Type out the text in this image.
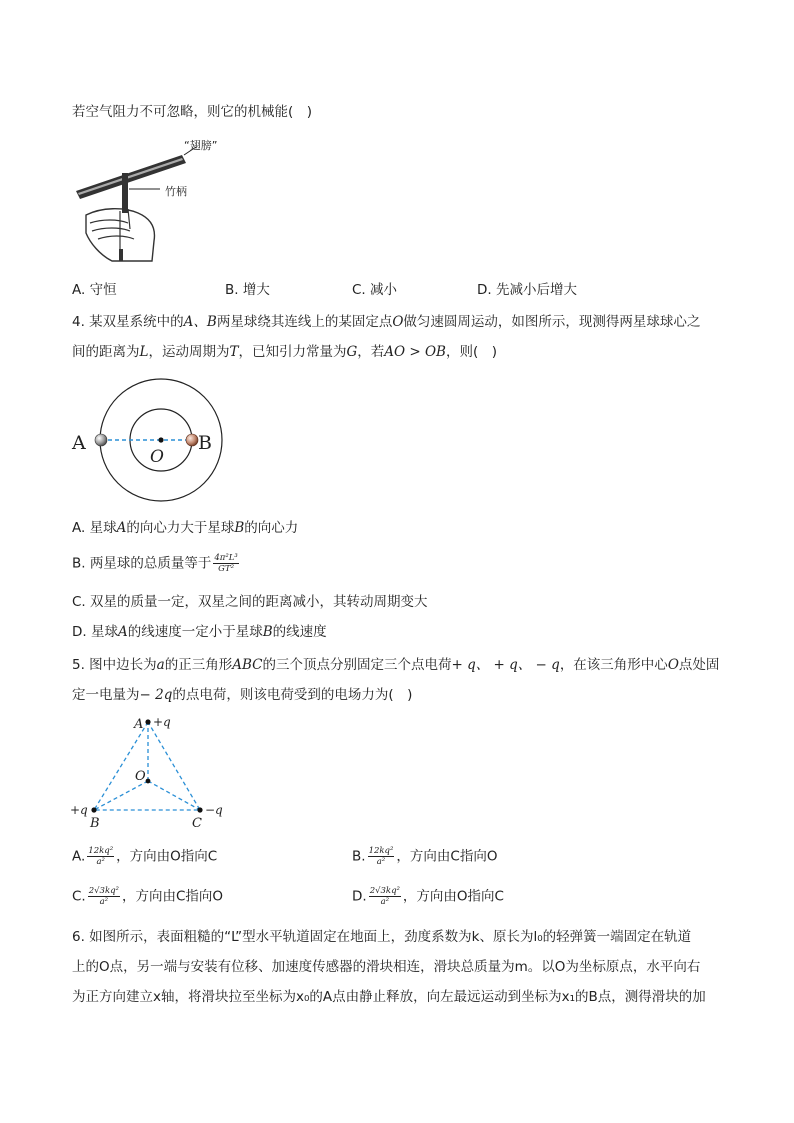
若空气阻力不可忽略，则它的机械能(　)
“翅膀”
竹柄
A. 守恒	B. 增大	C. 减小	D. 先减小后增大
4. 某双星系统中的A、B两星球绕其连线上的某固定点O做匀速圆周运动，如图所示，现测得两星球球心之
间的距离为L，运动周期为T，已知引力常量为G，若AO > OB，则(　)
A	B
O
A. 星球A的向心力大于星球B的向心力
B. 两星球的总质量等于 $\frac{\text{4π²L³}}{\text{GT²}}$
C. 双星的质量一定，双星之间的距离减小，其转动周期变大
D. 星球A的线速度一定小于星球B的线速度
5. 图中边长为a的正三角形ABC的三个顶点分别固定三个点电荷+ q、 + q、 − q，在该三角形中心O点处固
定一电量为− 2q的点电荷，则该电荷受到的电场力为(　)
A +q
O
+q
B	C
−q
A. $\frac{\text{12kq²}}{\text{a²}}$ ，方向由O指向C	B. $\frac{\text{12kq²}}{\text{a²}}$ ，方向由C指向O
C. $\frac{\text{2√3kq²}}{\text{a²}}$ ，方向由C指向O	D. $\frac{\text{2√3kq²}}{\text{a²}}$ ，方向由O指向C
6. 如图所示，表面粗糙的“L”型水平轨道固定在地面上，劲度系数为k、原长为l₀的轻弹簧一端固定在轨道
上的O点，另一端与安装有位移、加速度传感器的滑块相连，滑块总质量为m。以O为坐标原点，水平向右
为正方向建立x轴，将滑块拉至坐标为x₀的A点由静止释放，向左最远运动到坐标为x₁的B点，测得滑块的加
